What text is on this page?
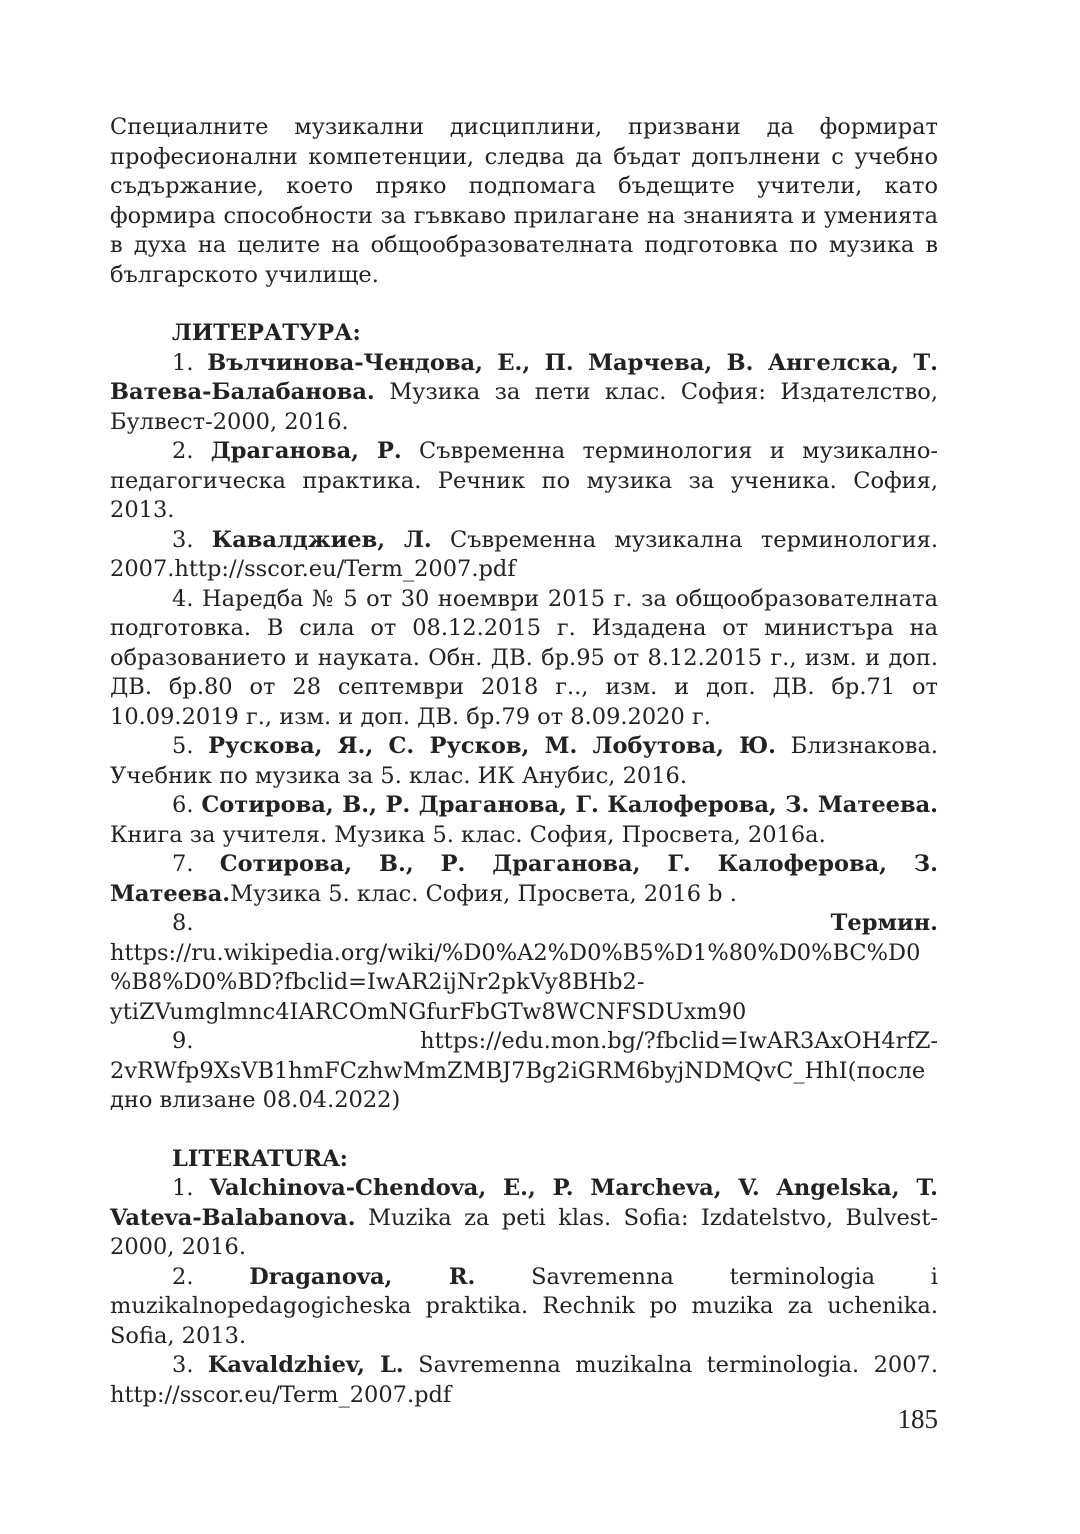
Специалните музикални дисциплини, призвани да формират професионални компетенции, следва да бъдат допълнени с учебно съдържание, което пряко подпомага бъдещите учители, като формира способности за гъвкаво прилагане на знанията и уменията в духа на целите на общообразователната подготовка по музика в българското училище.

ЛИТЕРАТУРА:

1. Вълчинова-Чендова, Е., П. Марчева, В. Ангелска, Т. Ватева-Балабанова. Музика за пети клас. София: Издателство, Булвест-2000, 2016.

2. Драганова, Р. Съвременна терминология и музикално-педагогическа практика. Речник по музика за ученика. София, 2013.

3. Кавалджиев, Л. Съвременна музикална терминология. 2007.http://sscor.eu/Term_2007.pdf

4. Наредба № 5 от 30 ноември 2015 г. за общообразователната подготовка. В сила от 08.12.2015 г. Издадена от министъра на образованието и науката. Обн. ДВ. бр.95 от 8.12.2015 г., изм. и доп. ДВ. бр.80 от 28 септември 2018 г.., изм. и доп. ДВ. бр.71 от 10.09.2019 г., изм. и доп. ДВ. бр.79 от 8.09.2020 г.

5. Рускова, Я., С. Русков, М. Лобутова, Ю. Близнакова. Учебник по музика за 5. клас. ИК Анубис, 2016.

6. Сотирова, В., Р. Драганова, Г. Калоферова, З. Матеева. Книга за учителя. Музика 5. клас. София, Просвета, 2016а.

7. Сотирова, В., Р. Драганова, Г. Калоферова, З. Матеева.Музика 5. клас. София, Просвета, 2016 b .

8.	Термин. https://ru.wikipedia.org/wiki/%D0%A2%D0%B5%D1%80%D0%BC%D0%B8%D0%BD?fbclid=IwAR2ijNr2pkVy8BHb2-ytiZVumglmnc4IARCOmNGfurFbGTw8WCNFSDUxm90

9.	https://edu.mon.bg/?fbclid=IwAR3AxOH4rfZ-2vRWfp9XsVB1hmFCzhwMmZMBJ7Bg2iGRM6byjNDMQvC_HhI(последно влизане 08.04.2022)

LITERATURA:

1. Valchinova-Chendova, E., P. Marcheva, V. Angelska, T. Vateva-Balabanova. Muzika za peti klas. Sofia: Izdatelstvo, Bulvest-2000, 2016.

2. Draganova, R. Savremenna terminologia i muzikalnopedagogicheska praktika. Rechnik po muzika za uchenika. Sofia, 2013.

3. Kavaldzhiev, L. Savremenna muzikalna terminologia. 2007. http://sscor.eu/Term_2007.pdf

185
